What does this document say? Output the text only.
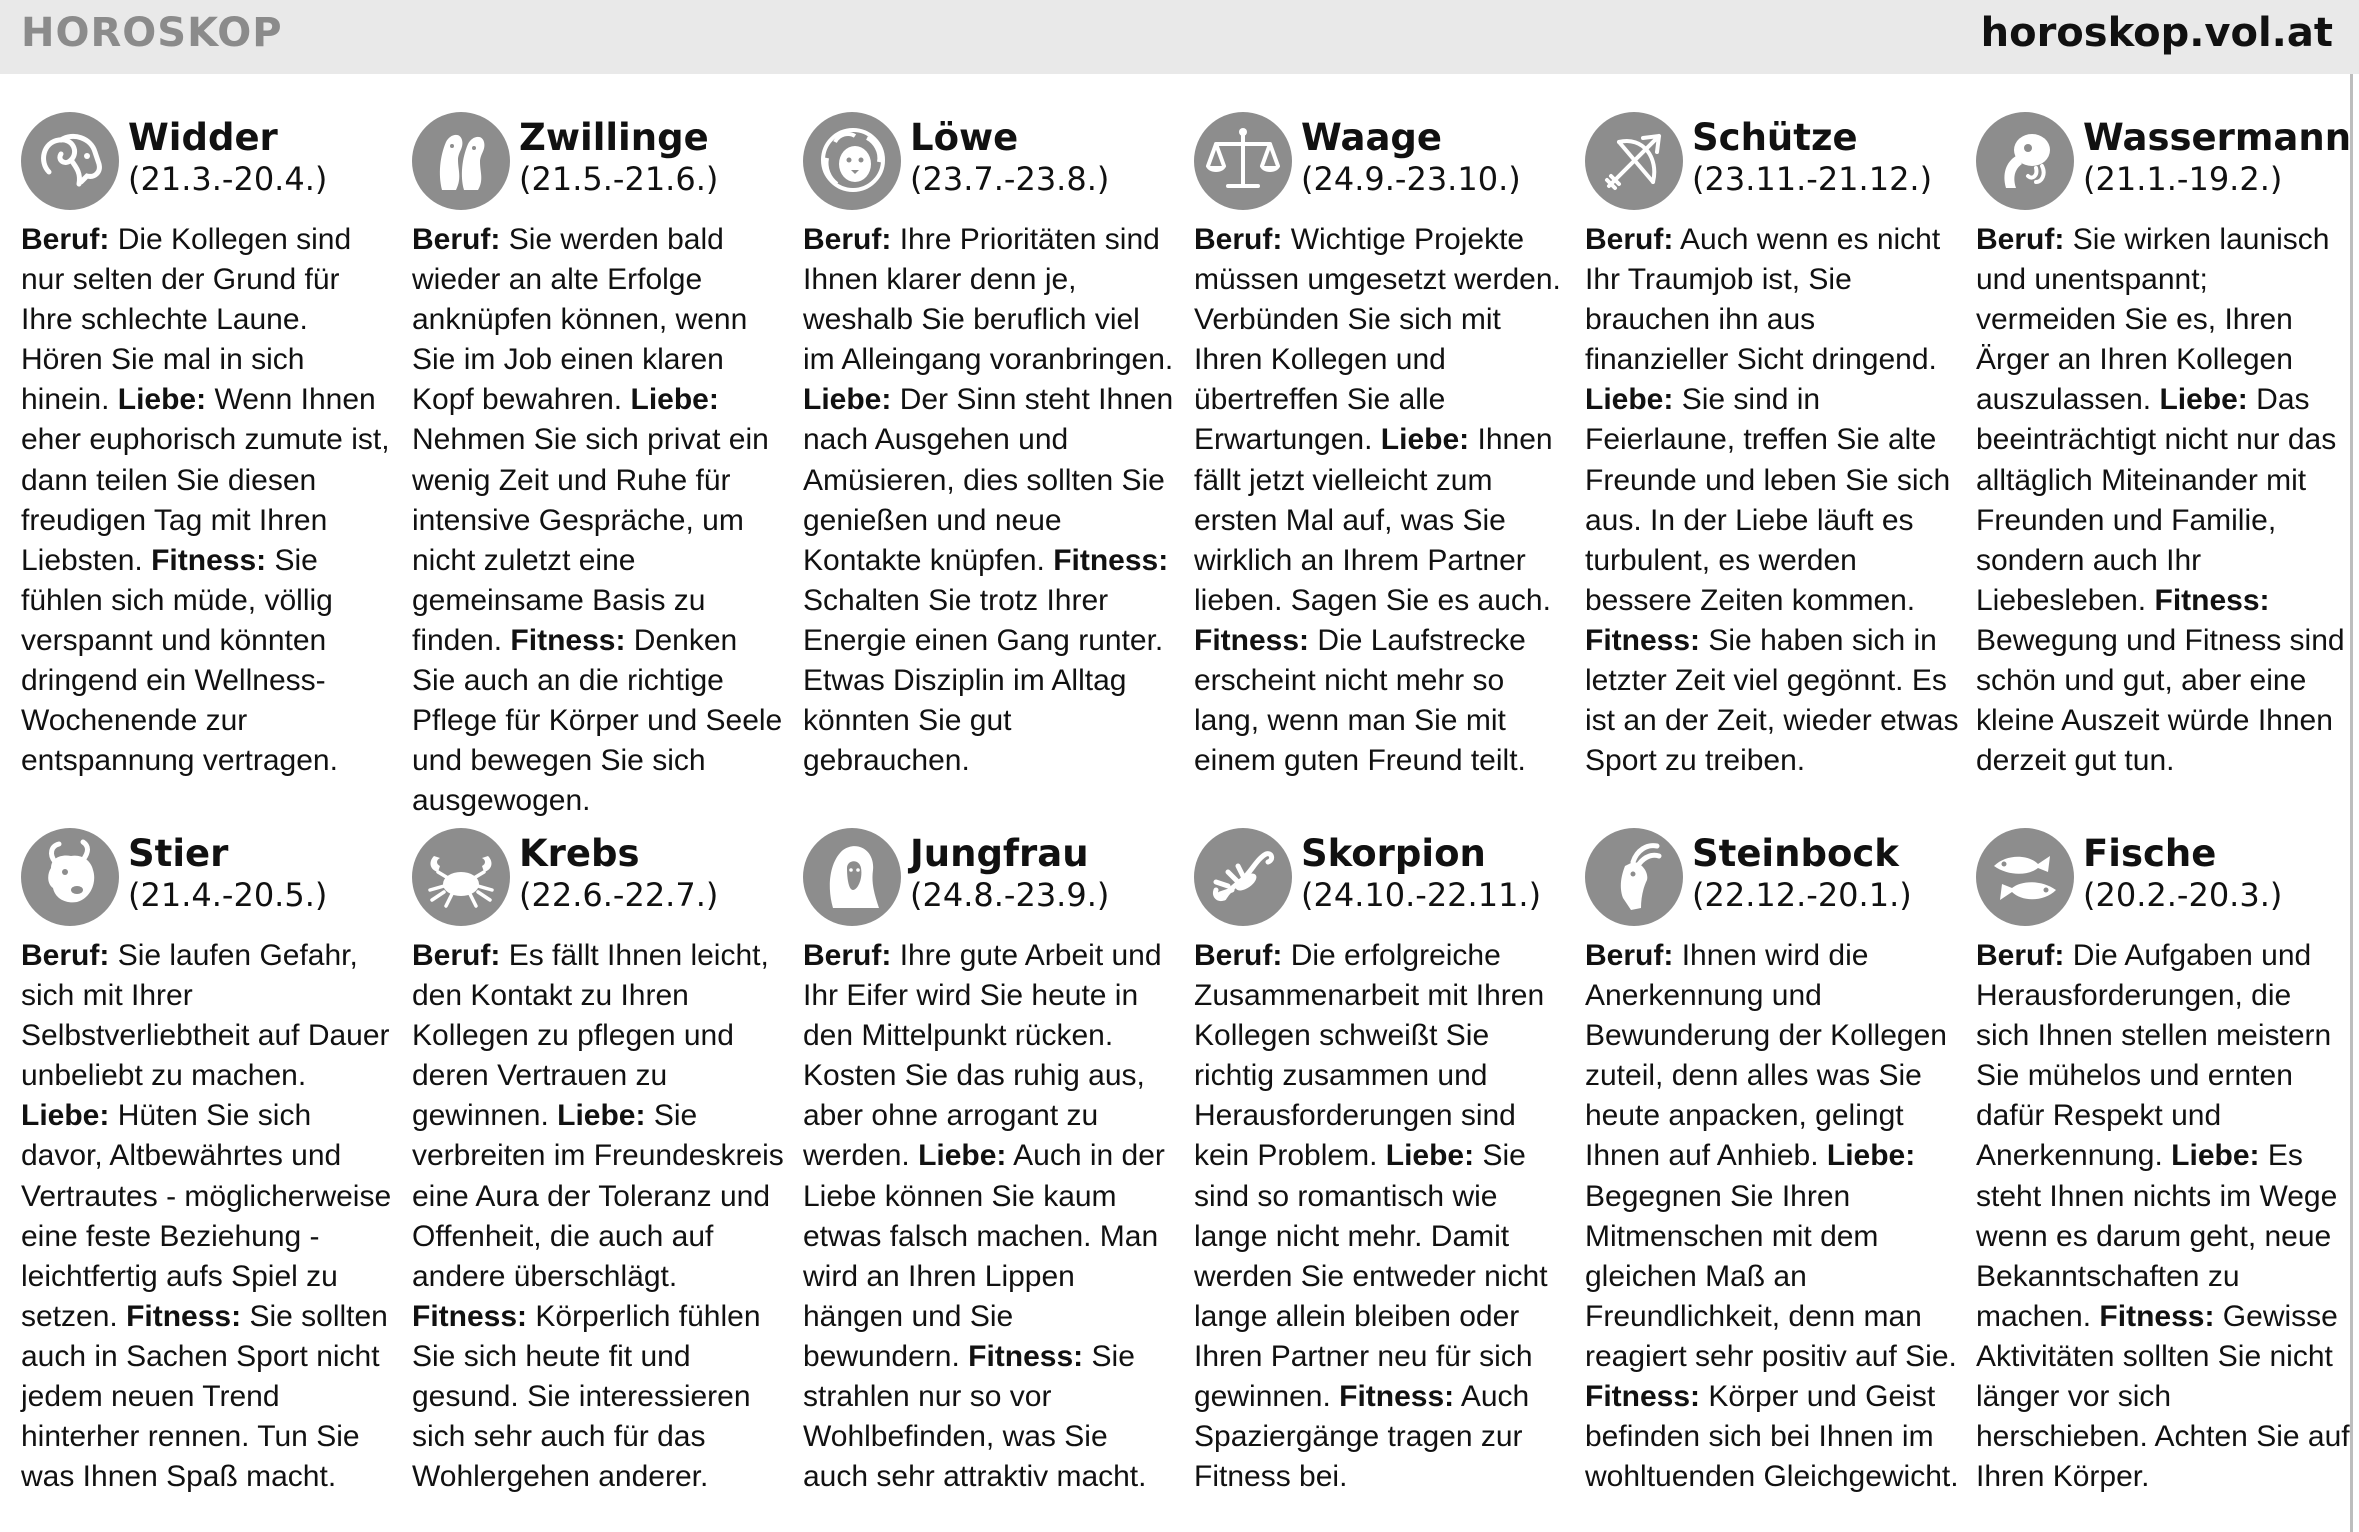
HOROSKOP	horoskop.vol.at
Widder
(21.3.-20.4.)
Beruf: Die Kollegen sind nur selten der Grund für Ihre schlechte Laune. Hören Sie mal in sich hinein. Liebe: Wenn Ihnen eher euphorisch zumute ist, dann teilen Sie diesen freudigen Tag mit Ihren Liebsten. Fitness: Sie fühlen sich müde, völlig verspannt und könnten dringend ein Wellness-Wochenende zur entspannung vertragen.
Zwillinge
(21.5.-21.6.)
Beruf: Sie werden bald wieder an alte Erfolge anknüpfen können, wenn Sie im Job einen klaren Kopf bewahren. Liebe: Nehmen Sie sich privat ein wenig Zeit und Ruhe für intensive Gespräche, um nicht zuletzt eine gemeinsame Basis zu finden. Fitness: Denken Sie auch an die richtige Pflege für Körper und Seele und bewegen Sie sich ausgewogen.
Löwe
(23.7.-23.8.)
Beruf: Ihre Prioritäten sind Ihnen klarer denn je, weshalb Sie beruflich viel im Alleingang voranbringen. Liebe: Der Sinn steht Ihnen nach Ausgehen und Amüsieren, dies sollten Sie genießen und neue Kontakte knüpfen. Fitness: Schalten Sie trotz Ihrer Energie einen Gang runter. Etwas Disziplin im Alltag könnten Sie gut gebrauchen.
Waage
(24.9.-23.10.)
Beruf: Wichtige Projekte müssen umgesetzt werden. Verbünden Sie sich mit Ihren Kollegen und übertreffen Sie alle Erwartungen. Liebe: Ihnen fällt jetzt vielleicht zum ersten Mal auf, was Sie wirklich an Ihrem Partner lieben. Sagen Sie es auch. Fitness: Die Laufstrecke erscheint nicht mehr so lang, wenn man Sie mit einem guten Freund teilt.
Schütze
(23.11.-21.12.)
Beruf: Auch wenn es nicht Ihr Traumjob ist, Sie brauchen ihn aus finanzieller Sicht dringend. Liebe: Sie sind in Feierlaune, treffen Sie alte Freunde und leben Sie sich aus. In der Liebe läuft es turbulent, es werden bessere Zeiten kommen. Fitness: Sie haben sich in letzter Zeit viel gegönnt. Es ist an der Zeit, wieder etwas Sport zu treiben.
Wassermann
(21.1.-19.2.)
Beruf: Sie wirken launisch und unentspannt; vermeiden Sie es, Ihren Ärger an Ihren Kollegen auszulassen. Liebe: Das beeinträchtigt nicht nur das alltäglich Miteinander mit Freunden und Familie, sondern auch Ihr Liebesleben. Fitness: Bewegung und Fitness sind schön und gut, aber eine kleine Auszeit würde Ihnen derzeit gut tun.
Stier
(21.4.-20.5.)
Beruf: Sie laufen Gefahr, sich mit Ihrer Selbstverliebtheit auf Dauer unbeliebt zu machen. Liebe: Hüten Sie sich davor, Altbewährtes und Vertrautes - möglicherweise eine feste Beziehung - leichtfertig aufs Spiel zu setzen. Fitness: Sie sollten auch in Sachen Sport nicht jedem neuen Trend hinterher rennen. Tun Sie was Ihnen Spaß macht.
Krebs
(22.6.-22.7.)
Beruf: Es fällt Ihnen leicht, den Kontakt zu Ihren Kollegen zu pflegen und deren Vertrauen zu gewinnen. Liebe: Sie verbreiten im Freundeskreis eine Aura der Toleranz und Offenheit, die auch auf andere überschlägt. Fitness: Körperlich fühlen Sie sich heute fit und gesund. Sie interessieren sich sehr auch für das Wohlergehen anderer.
Jungfrau
(24.8.-23.9.)
Beruf: Ihre gute Arbeit und Ihr Eifer wird Sie heute in den Mittelpunkt rücken. Kosten Sie das ruhig aus, aber ohne arrogant zu werden. Liebe: Auch in der Liebe können Sie kaum etwas falsch machen. Man wird an Ihren Lippen hängen und Sie bewundern. Fitness: Sie strahlen nur so vor Wohlbefinden, was Sie auch sehr attraktiv macht.
Skorpion
(24.10.-22.11.)
Beruf: Die erfolgreiche Zusammenarbeit mit Ihren Kollegen schweißt Sie richtig zusammen und Herausforderungen sind kein Problem. Liebe: Sie sind so romantisch wie lange nicht mehr. Damit werden Sie entweder nicht lange allein bleiben oder Ihren Partner neu für sich gewinnen. Fitness: Auch Spaziergänge tragen zur Fitness bei.
Steinbock
(22.12.-20.1.)
Beruf: Ihnen wird die Anerkennung und Bewunderung der Kollegen zuteil, denn alles was Sie heute anpacken, gelingt Ihnen auf Anhieb. Liebe: Begegnen Sie Ihren Mitmenschen mit dem gleichen Maß an Freundlichkeit, denn man reagiert sehr positiv auf Sie. Fitness: Körper und Geist befinden sich bei Ihnen im wohltuenden Gleichgewicht.
Fische
(20.2.-20.3.)
Beruf: Die Aufgaben und Herausforderungen, die sich Ihnen stellen meistern Sie mühelos und ernten dafür Respekt und Anerkennung. Liebe: Es steht Ihnen nichts im Wege wenn es darum geht, neue Bekanntschaften zu machen. Fitness: Gewisse Aktivitäten sollten Sie nicht länger vor sich herschieben. Achten Sie auf Ihren Körper.
